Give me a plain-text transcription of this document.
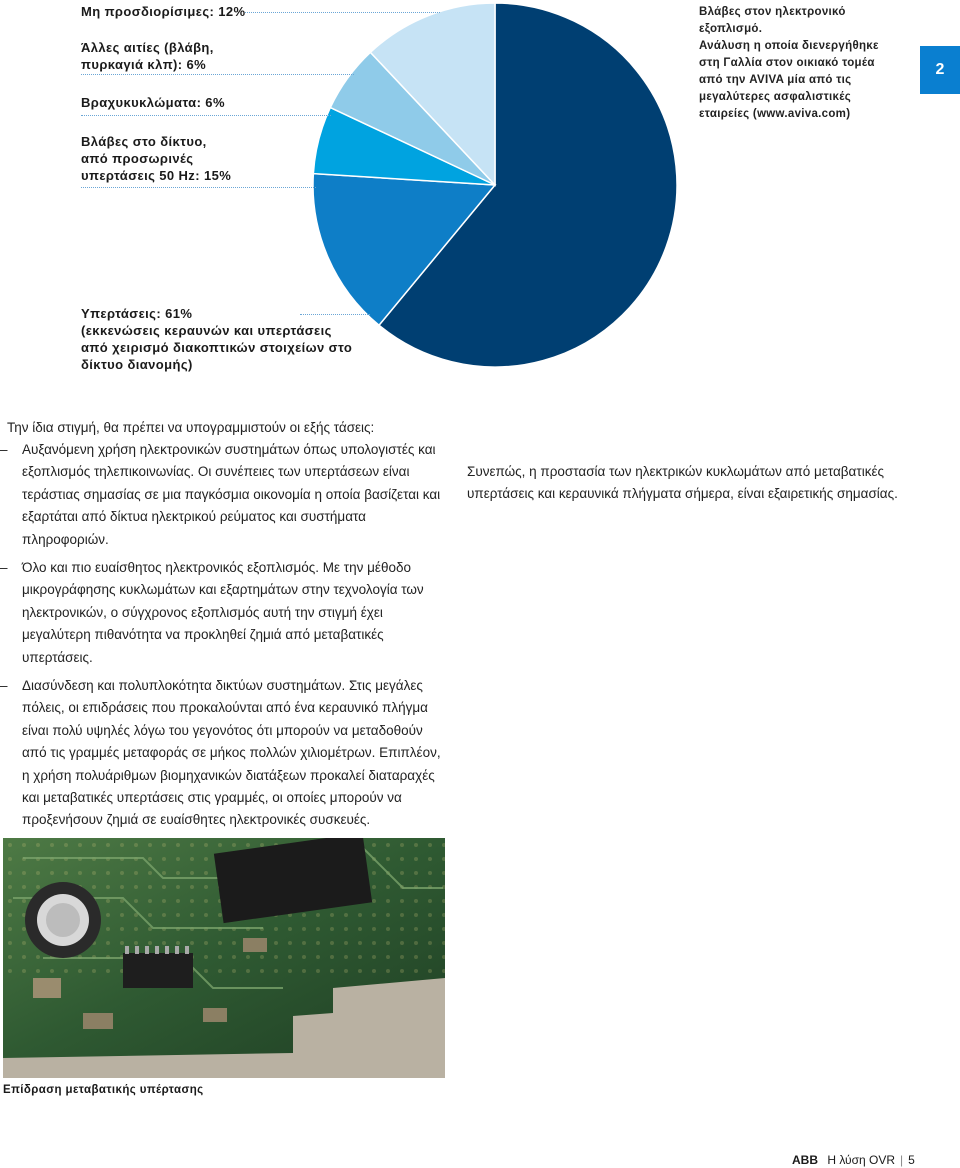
Μη προσδιορίσιμες: 12%
Άλλες αιτίες (βλάβη,
πυρκαγιά κλπ): 6%
Βραχυκυκλώματα: 6%
Βλάβες στο δίκτυο,
από προσωρινές
υπερτάσεις 50 Hz: 15%
Υπερτάσεις: 61%
(εκκενώσεις κεραυνών και υπερτάσεις
από χειρισμό διακοπτικών στοιχείων στο
δίκτυο διανομής)
Βλάβες στον ηλεκτρονικό
εξοπλισμό.
Ανάλυση η οποία διενεργήθηκε
στη Γαλλία στον οικιακό τομέα
από την AVIVA μία από τις
μεγαλύτερες ασφαλιστικές
εταιρείες (www.aviva.com)
2
Την ίδια στιγμή, θα πρέπει να υπογραμμιστούν οι εξής τάσεις:
–	Αυξανόμενη χρήση ηλεκτρονικών συστημάτων όπως υπολογιστές και εξοπλισμός τηλεπικοινωνίας. Οι συνέπειες των υπερτάσεων είναι τεράστιας σημασίας σε μια παγκόσμια οικονομία η οποία βασίζεται και εξαρτάται από δίκτυα ηλεκτρικού ρεύματος και συστήματα πληροφοριών.
–	Όλο και πιο ευαίσθητος ηλεκτρονικός εξοπλισμός. Με την μέθοδο μικρογράφησης κυκλωμάτων και εξαρτημάτων στην τεχνολογία των ηλεκτρονικών, ο σύγχρονος εξοπλισμός αυτή την στιγμή έχει μεγαλύτερη πιθανότητα να προκληθεί ζημιά από μεταβατικές υπερτάσεις.
–	Διασύνδεση και πολυπλοκότητα δικτύων συστημάτων. Στις μεγάλες πόλεις, οι επιδράσεις που προκαλούνται από ένα κεραυνικό πλήγμα είναι πολύ υψηλές λόγω του γεγονότος ότι μπορούν να μεταδοθούν από τις γραμμές μεταφοράς σε μήκος πολλών χιλιομέτρων. Επιπλέον, η χρήση πολυάριθμων βιομηχανικών διατάξεων προκαλεί διαταραχές και μεταβατικές υπερτάσεις στις γραμμές, οι οποίες μπορούν να προξενήσουν ζημιά σε ευαίσθητες ηλεκτρονικές συσκευές.
Συνεπώς, η προστασία των ηλεκτρικών κυκλωμάτων από μεταβατικές υπερτάσεις και κεραυνικά πλήγματα σήμερα, είναι εξαιρετικής σημασίας.
Επίδραση μεταβατικής υπέρτασης
ABB Η λύση OVR | 5
